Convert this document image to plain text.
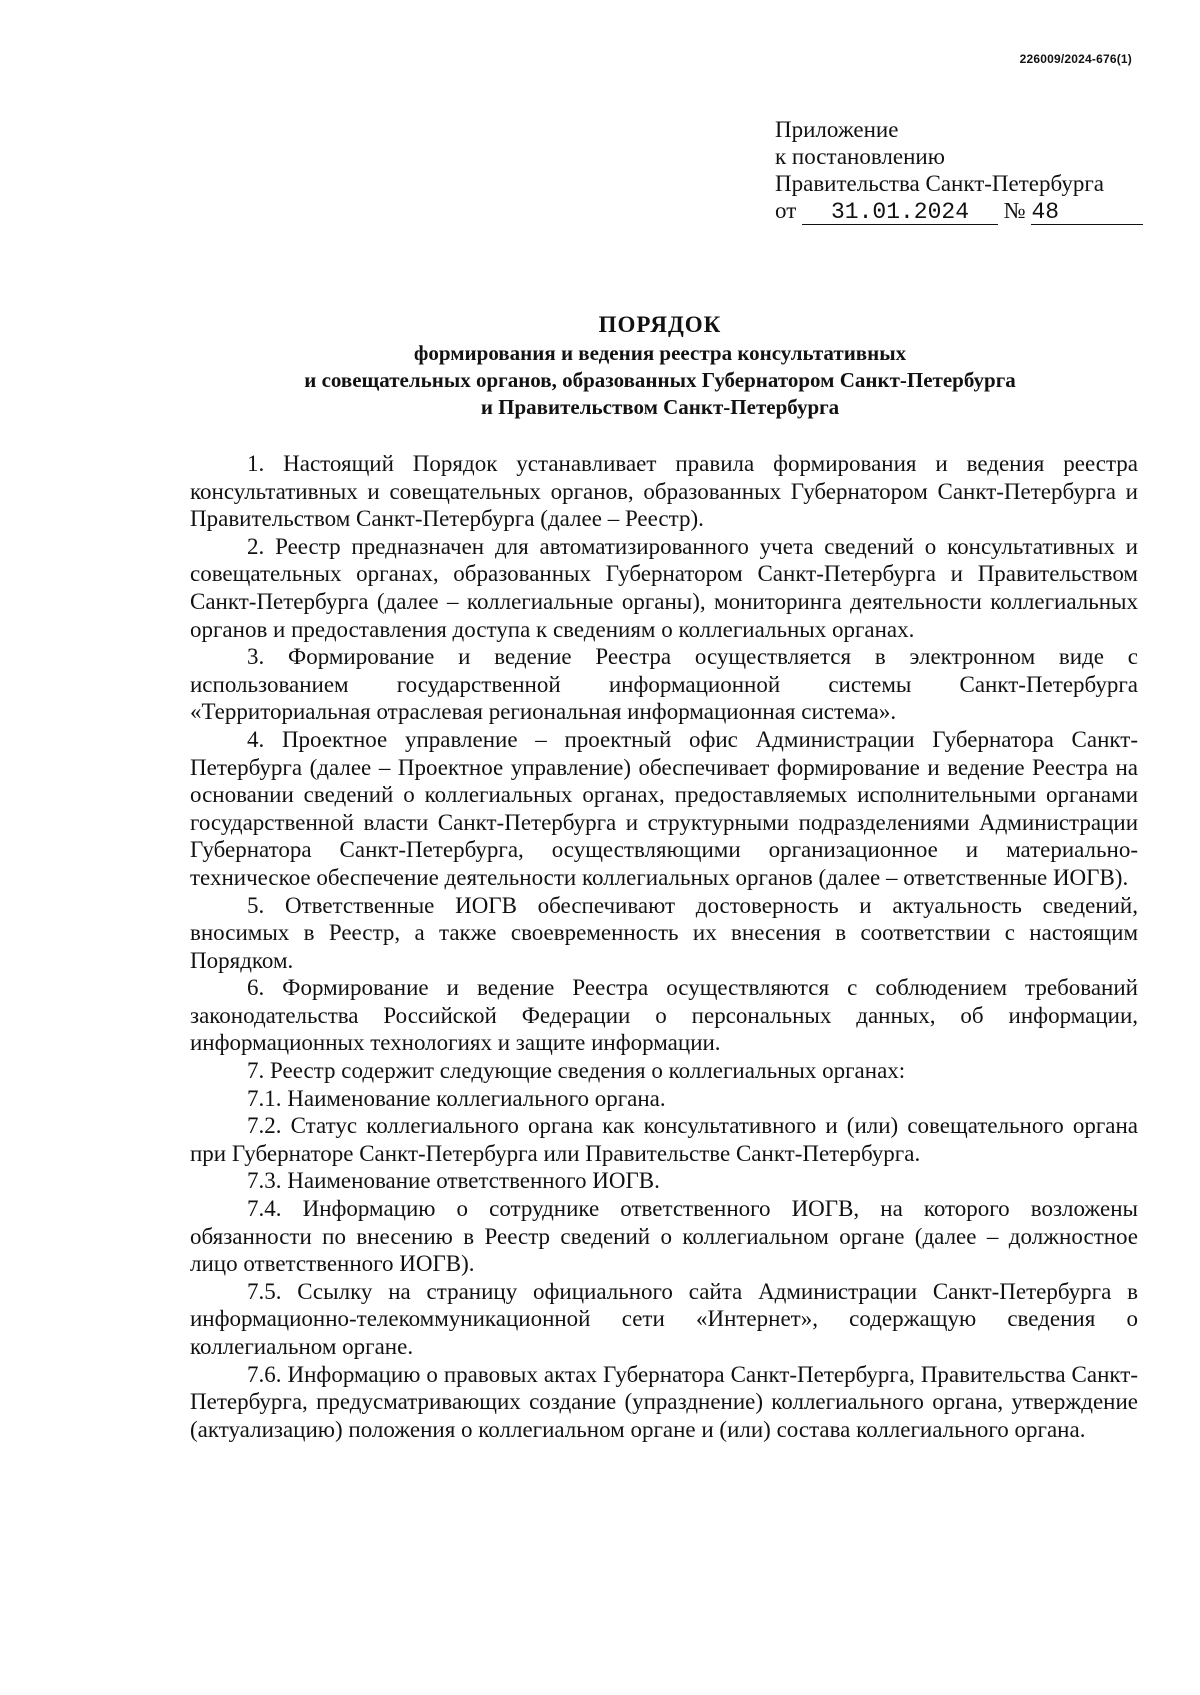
226009/2024-676(1)
Приложение
к постановлению
Правительства Санкт-Петербурга
от 31.01.2024 № 48
ПОРЯДОК
формирования и ведения реестра консультативных
и совещательных органов, образованных Губернатором Санкт-Петербурга
и Правительством Санкт-Петербурга

1. Настоящий Порядок устанавливает правила формирования и ведения реестра консультативных и совещательных органов, образованных Губернатором Санкт-Петербурга и Правительством Санкт-Петербурга (далее – Реестр).

2. Реестр предназначен для автоматизированного учета сведений о консультативных и совещательных органах, образованных Губернатором Санкт-Петербурга и Правительством Санкт-Петербурга (далее – коллегиальные органы), мониторинга деятельности коллегиальных органов и предоставления доступа к сведениям о коллегиальных органах.

3. Формирование и ведение Реестра осуществляется в электронном виде с использованием государственной информационной системы Санкт-Петербурга «Территориальная отраслевая региональная информационная система».

4. Проектное управление – проектный офис Администрации Губернатора Санкт-Петербурга (далее – Проектное управление) обеспечивает формирование и ведение Реестра на основании сведений о коллегиальных органах, предоставляемых исполнительными органами государственной власти Санкт-Петербурга и структурными подразделениями Администрации Губернатора Санкт-Петербурга, осуществляющими организационное и материально-техническое обеспечение деятельности коллегиальных органов (далее – ответственные ИОГВ).

5. Ответственные ИОГВ обеспечивают достоверность и актуальность сведений, вносимых в Реестр, а также своевременность их внесения в соответствии с настоящим Порядком.

6. Формирование и ведение Реестра осуществляются с соблюдением требований законодательства Российской Федерации о персональных данных, об информации, информационных технологиях и защите информации.

7. Реестр содержит следующие сведения о коллегиальных органах:

7.1. Наименование коллегиального органа.

7.2. Статус коллегиального органа как консультативного и (или) совещательного органа при Губернаторе Санкт-Петербурга или Правительстве Санкт-Петербурга.

7.3. Наименование ответственного ИОГВ.

7.4. Информацию о сотруднике ответственного ИОГВ, на которого возложены обязанности по внесению в Реестр сведений о коллегиальном органе (далее – должностное лицо ответственного ИОГВ).

7.5. Ссылку на страницу официального сайта Администрации Санкт-Петербурга в информационно-телекоммуникационной сети «Интернет», содержащую сведения о коллегиальном органе.

7.6. Информацию о правовых актах Губернатора Санкт-Петербурга, Правительства Санкт-Петербурга, предусматривающих создание (упразднение) коллегиального органа, утверждение (актуализацию) положения о коллегиальном органе и (или) состава коллегиального органа.
